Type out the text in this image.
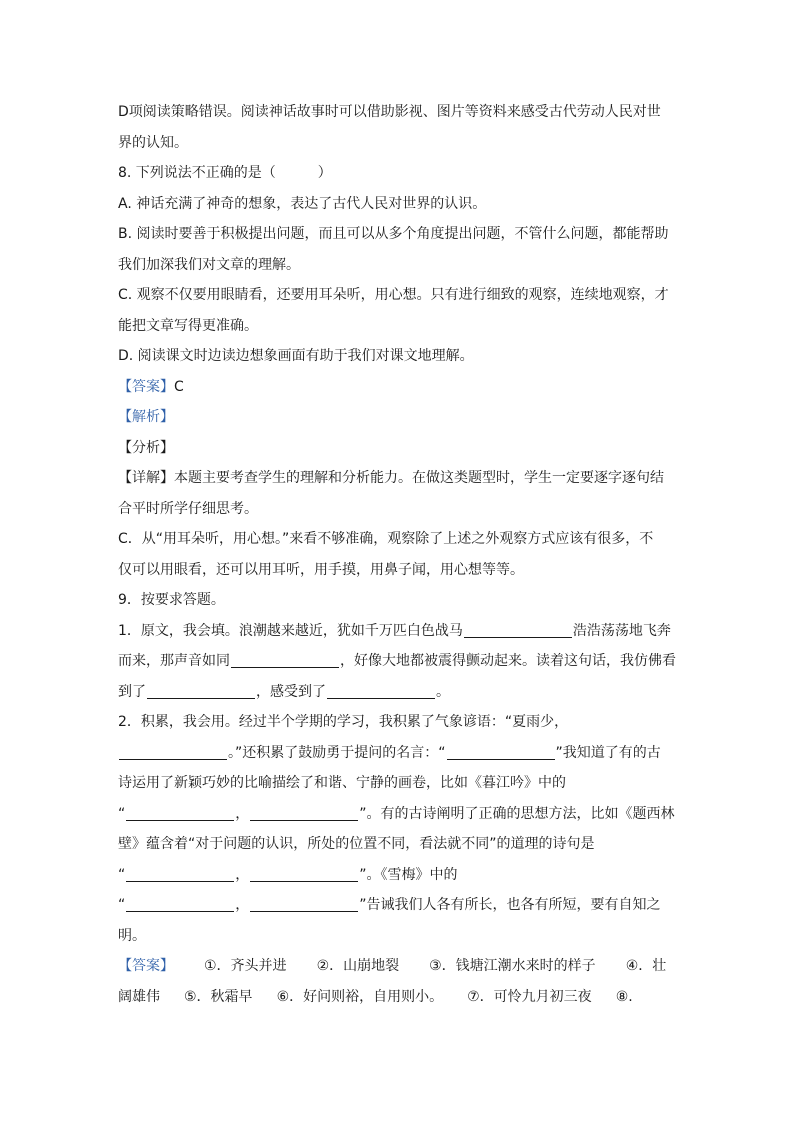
D项阅读策略错误。阅读神话故事时可以借助影视、图片等资料来感受古代劳动人民对世
界的认知。
8. 下列说法不正确的是（　　　）
A. 神话充满了神奇的想象，表达了古代人民对世界的认识。
B. 阅读时要善于积极提出问题，而且可以从多个角度提出问题，不管什么问题，都能帮助
我们加深我们对文章的理解。
C. 观察不仅要用眼睛看，还要用耳朵听，用心想。只有进行细致的观察，连续地观察，才
能把文章写得更准确。
D. 阅读课文时边读边想象画面有助于我们对课文地理解。
【答案】C
【解析】
【分析】
【详解】本题主要考查学生的理解和分析能力。在做这类题型时，学生一定要逐字逐句结
合平时所学仔细思考。
C．从“用耳朵听，用心想。”来看不够准确，观察除了上述之外观察方式应该有很多，不
仅可以用眼看，还可以用耳听，用手摸，用鼻子闻，用心想等等。
9．按要求答题。
1．原文，我会填。浪潮越来越近，犹如千万匹白色战马	浩浩荡荡地飞奔
而来，那声音如同	，好像大地都被震得颤动起来。读着这句话，我仿佛看
到了	，感受到了	。
2．积累，我会用。经过半个学期的学习，我积累了气象谚语：“夏雨少，
。”还积累了鼓励勇于提问的名言：“	”我知道了有的古
诗运用了新颖巧妙的比喻描绘了和谐、宁静的画卷，比如《暮江吟》中的
“	，	”。有的古诗阐明了正确的思想方法，比如《题西林
壁》蕴含着“对于问题的认识，所处的位置不同，看法就不同”的道理的诗句是
“	，	”。《雪梅》中的
“	，	”告诫我们人各有所长，也各有所短，要有自知之
明。
【答案】 ①．齐头并进 ②．山崩地裂 ③．钱塘江潮水来时的样子 ④．壮
阔雄伟 ⑤．秋霜早 ⑥．好问则裕，自用则小。 ⑦．可怜九月初三夜 ⑧.
